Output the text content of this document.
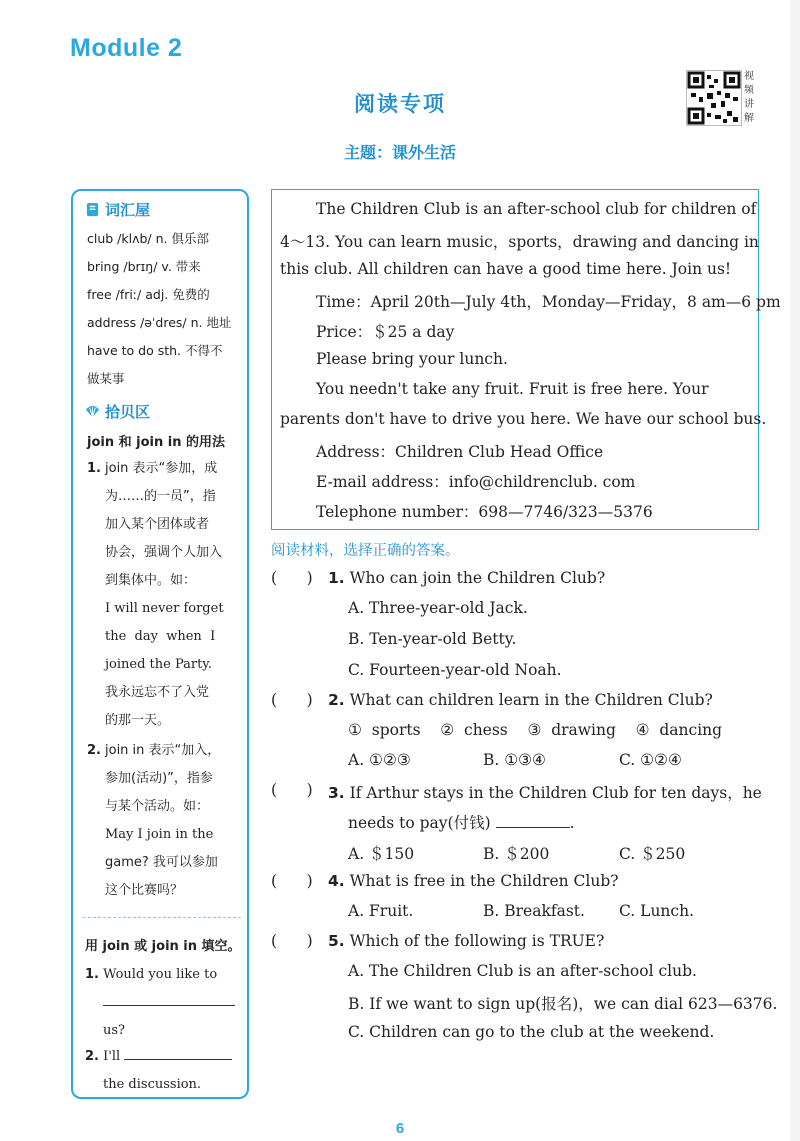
Module 2
阅读专项
主题：课外生活
视频讲解
词汇屋
club /klʌb/ n. 俱乐部
bring /brɪŋ/ v. 带来
free /friː/ adj. 免费的
address /əˈdres/ n. 地址
have to do sth. 不得不
做某事
拾贝区
join 和 join in 的用法
1. join 表示“参加，成
为……的一员”，指
加入某个团体或者
协会，强调个人加入
到集体中。如：
I will never forget
the  day  when  I
joined the Party.
我永远忘不了入党
的那一天。
2. join in 表示“加入，
参加(活动)”，指参
与某个活动。如：
May I join in the
game? 我可以参加
这个比赛吗？
用 join 或 join in 填空。
1. Would you like to
us?
2. I'll
the discussion.
The Children Club is an after-school club for children of
4～13. You can learn music，sports，drawing and dancing in
this club. All children can have a good time here. Join us!
Time：April 20th—July 4th，Monday—Friday，8 am—6 pm
Price：＄25 a day
Please bring your lunch.
You needn't take any fruit. Fruit is free here. Your
parents don't have to drive you here. We have our school bus.
Address：Children Club Head Office
E-mail address：info@childrenclub. com
Telephone number：698—7746/323—5376
阅读材料，选择正确的答案。
(      ) 1. Who can join the Children Club?
A. Three-year-old Jack.
B. Ten-year-old Betty.
C. Fourteen-year-old Noah.
(      ) 2. What can children learn in the Children Club?
①  sports    ②  chess    ③  drawing    ④  dancing
A. ①②③	B. ①③④	C. ①②④
(      ) 3. If Arthur stays in the Children Club for ten days，he
needs to pay(付钱)	.
A. ＄150	B. ＄200	C. ＄250
(      ) 4. What is free in the Children Club?
A. Fruit.	B. Breakfast. C. Lunch.
(      ) 5. Which of the following is TRUE?
A. The Children Club is an after-school club.
B. If we want to sign up(报名)，we can dial 623—6376.
C. Children can go to the club at the weekend.
6
